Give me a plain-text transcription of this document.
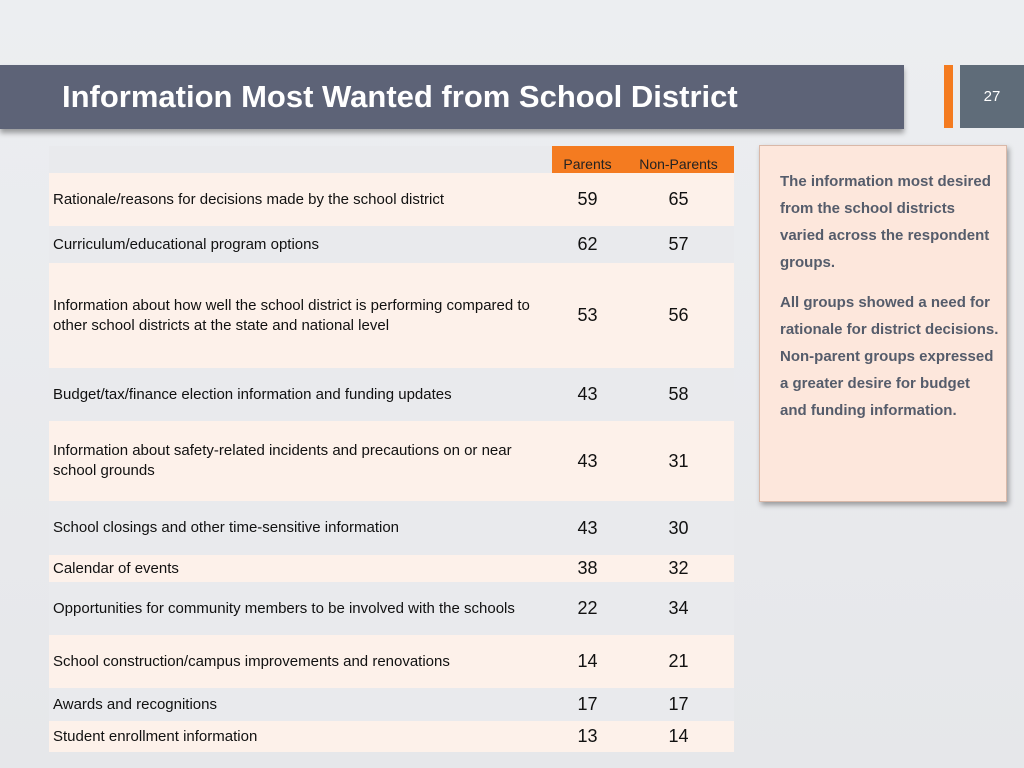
Information Most Wanted from School District	27
	Parents	Non-Parents
Rationale/reasons for decisions made by the school district	59	65
Curriculum/educational program options	62	57
Information about how well the school district is performing compared to other school districts at the state and national level	53	56
Budget/tax/finance election information and funding updates	43	58
Information about safety-related incidents and precautions on or near school grounds	43	31
School closings and other time-sensitive information	43	30
Calendar of events	38	32
Opportunities for community members to be involved with the schools	22	34
School construction/campus improvements and renovations	14	21
Awards and recognitions	17	17
Student enrollment information	13	14

The information most desired from the school districts varied across the respondent groups.

All groups showed a need for rationale for district decisions. Non-parent groups expressed a greater desire for budget and funding information.
